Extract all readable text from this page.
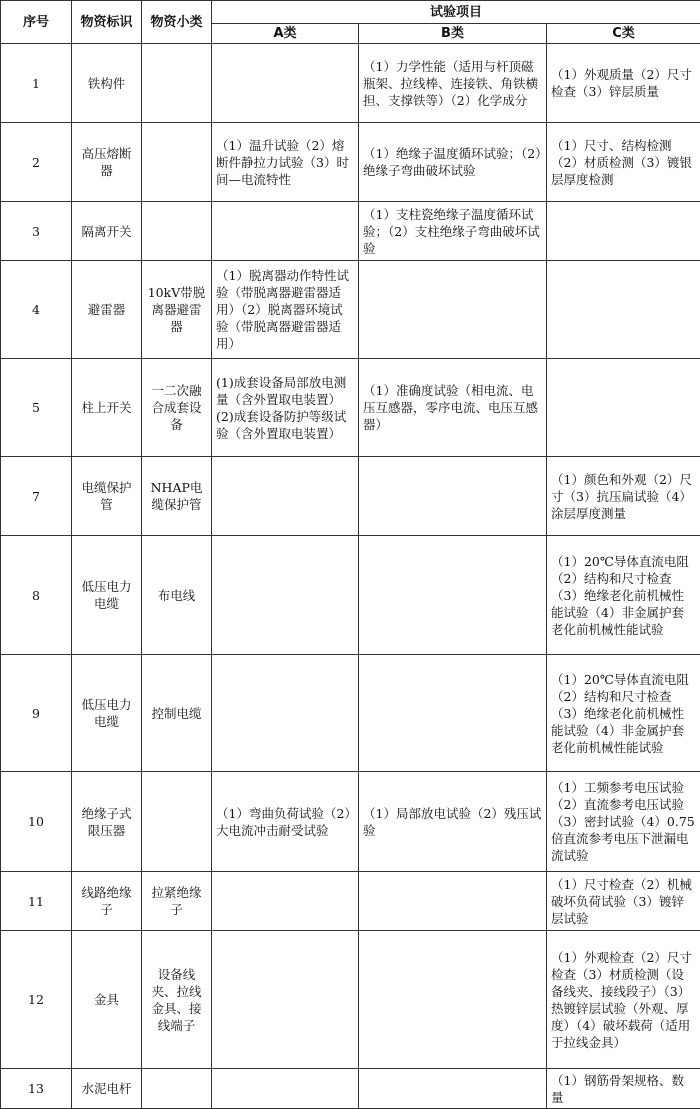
序号	物资标识	物资小类	试验项目		
			A类	B类	C类
1	铁构件			（1）力学性能（适用与杆顶磁瓶架、拉线棒、连接铁、角铁横担、支撑铁等）（2）化学成分	（1）外观质量（2）尺寸检查（3）锌层质量
2	高压熔断器		（1）温升试验（2）熔断件静拉力试验（3）时间—电流特性	（1）绝缘子温度循环试验；（2）绝缘子弯曲破坏试验	（1）尺寸、结构检测（2）材质检测（3）镀银层厚度检测
3	隔离开关			（1）支柱瓷绝缘子温度循环试验；（2）支柱绝缘子弯曲破坏试验	
4	避雷器	10kV带脱离器避雷器	（1）脱离器动作特性试验（带脱离器避雷器适用）（2）脱离器环境试验（带脱离器避雷器适用）		
5	柱上开关	一二次融合成套设备	(1)成套设备局部放电测量（含外置取电装置）(2)成套设备防护等级试验（含外置取电装置）	（1）准确度试验（相电流、电压互感器，零序电流、电压互感器）	
7	电缆保护管	NHAP电缆保护管			（1）颜色和外观（2）尺寸（3）抗压扁试验（4）涂层厚度测量
8	低压电力电缆	布电线			（1）20℃导体直流电阻（2）结构和尺寸检查（3）绝缘老化前机械性能试验（4）非金属护套老化前机械性能试验
9	低压电力电缆	控制电缆			（1）20℃导体直流电阻（2）结构和尺寸检查（3）绝缘老化前机械性能试验（4）非金属护套老化前机械性能试验
10	绝缘子式限压器		（1）弯曲负荷试验（2）大电流冲击耐受试验	（1）局部放电试验（2）残压试验	（1）工频参考电压试验（2）直流参考电压试验（3）密封试验（4）0.75倍直流参考电压下泄漏电流试验
11	线路绝缘子	拉紧绝缘子			（1）尺寸检查（2）机械破坏负荷试验（3）镀锌层试验
12	金具	设备线夹、拉线金具、接线端子			（1）外观检查（2）尺寸检查（3）材质检测（设备线夹、接线段子）（3）热镀锌层试验（外观、厚度）（4）破坏载荷（适用于拉线金具）
13	水泥电杆				（1）钢筋骨架规格、数量
